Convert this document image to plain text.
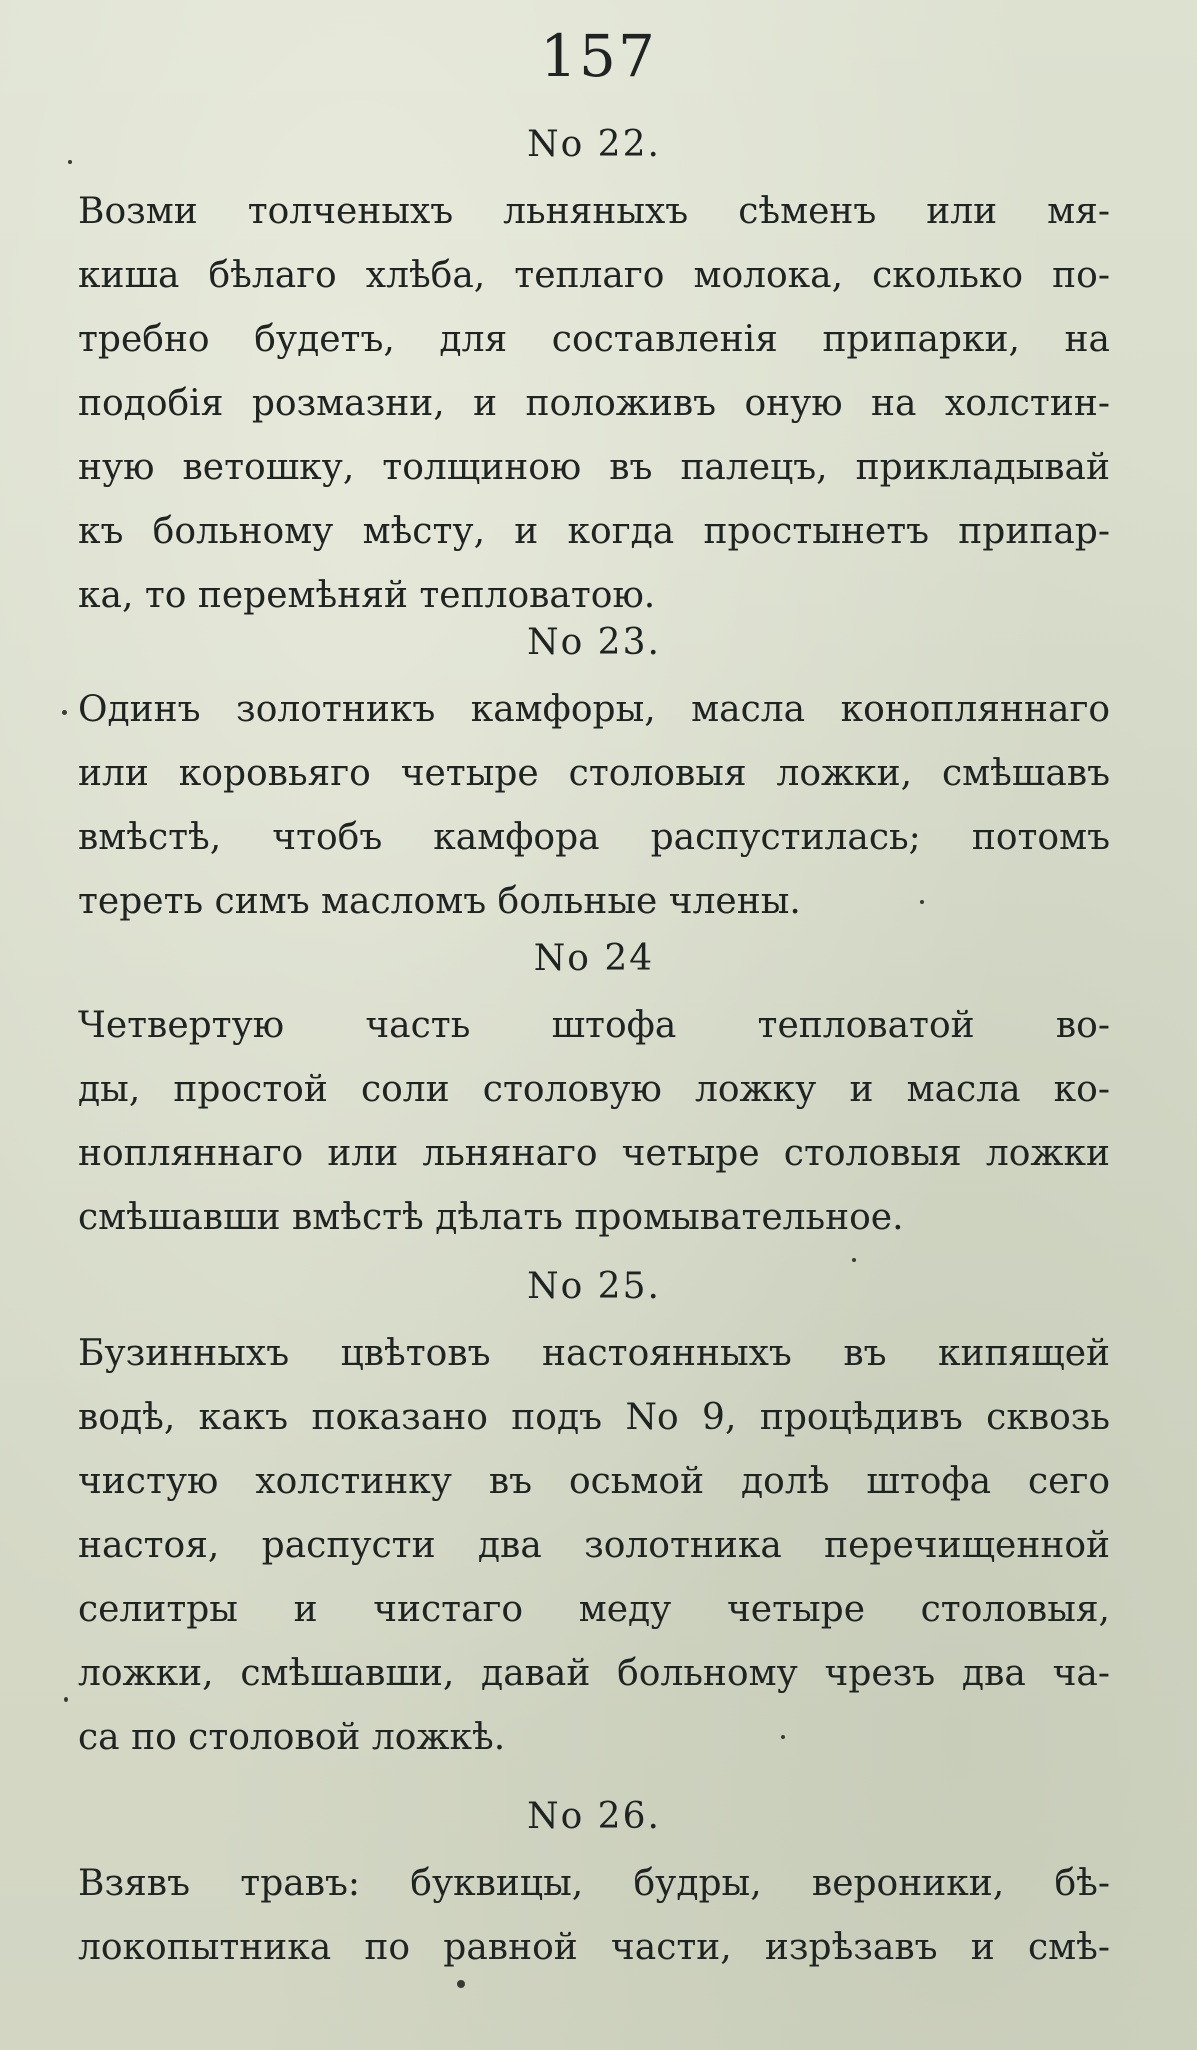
157
No 22.
Возми толченыхъ льняныхъ сѣменъ или мя-
киша бѣлаго хлѣба, теплаго молока, сколько по-
требно будетъ, для составленія припарки, на
подобія розмазни, и положивъ оную на холстин-
ную ветошку, толщиною въ палецъ, прикладывай
къ больному мѣсту, и когда простынетъ припар-
ка, то перемѣняй тепловатою.
No 23.
Одинъ золотникъ камфоры, масла конопляннаго
или коровьяго четыре столовыя ложки, смѣшавъ
вмѣстѣ, чтобъ камфора распустилась; потомъ
тереть симъ масломъ больные члены.
No 24
Четвертую часть штофа тепловатой во-
ды, простой соли столовую ложку и масла ко-
нопляннаго или льнянаго четыре столовыя ложки
смѣшавши вмѣстѣ дѣлать промывательное.
No 25.
Бузинныхъ цвѣтовъ настоянныхъ въ кипящей
водѣ, какъ показано подъ No 9, процѣдивъ сквозь
чистую холстинку въ осьмой долѣ штофа сего
настоя, распусти два золотника перечищенной
селитры и чистаго меду четыре столовыя,
ложки, смѣшавши, давай больному чрезъ два ча-
са по столовой ложкѣ.
No 26.
Взявъ травъ: буквицы, будры, вероники, бѣ-
локопытника по равной части, изрѣзавъ и смѣ-
